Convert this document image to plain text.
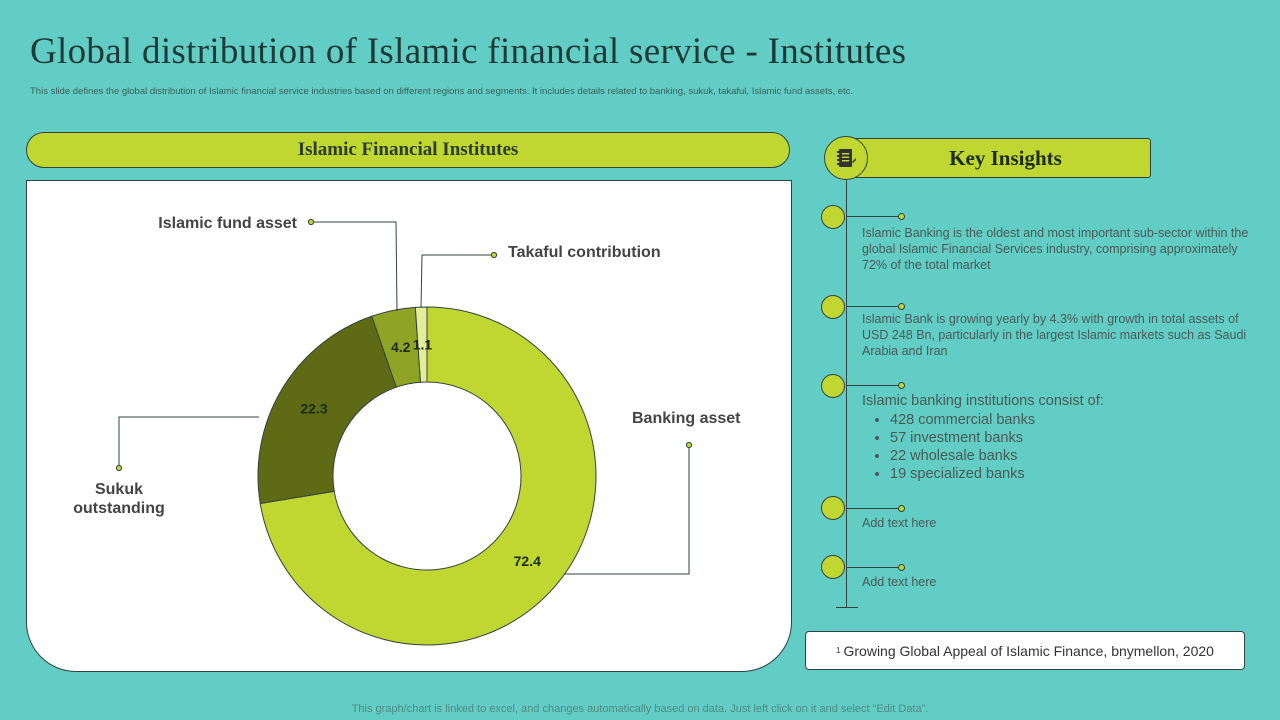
Global distribution of Islamic financial service - Institutes
This slide defines the global distribution of Islamic financial service industries based on different regions and segments. It includes details related to banking, sukuk, takaful, Islamic fund assets, etc.
Islamic Financial Institutes
72.4
22.3
4.2 1.1
Banking asset
Sukuk outstanding
Islamic fund asset
Takaful contribution
Key Insights
Islamic Banking is the oldest and most important sub-sector within the global Islamic Financial Services industry, comprising approximately 72% of the total market
Islamic Bank is growing yearly by 4.3% with growth in total assets of USD 248 Bn, particularly in the largest Islamic markets such as Saudi Arabia and Iran
Islamic banking institutions consist of:
• 428 commercial banks
• 57 investment banks
• 22 wholesale banks
• 19 specialized banks
Add text here
Add text here
1 Growing Global Appeal of Islamic Finance, bnymellon, 2020
This graph/chart is linked to excel, and changes automatically based on data. Just left click on it and select “Edit Data”.
